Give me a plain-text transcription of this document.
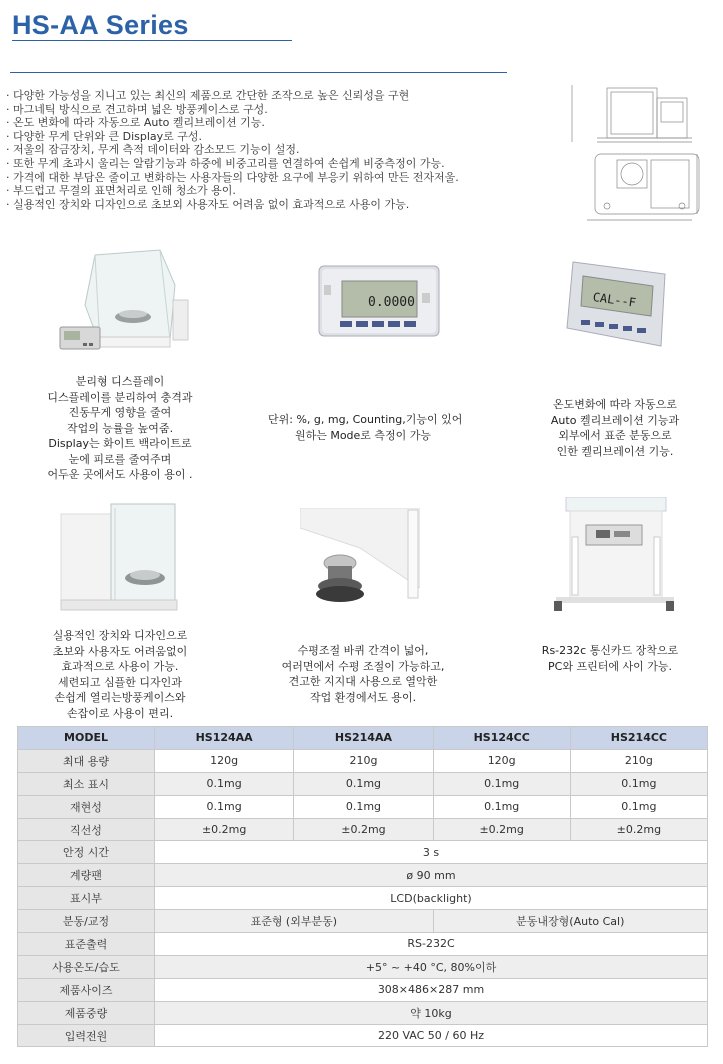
HS-AA Series
· 다양한 가능성을 지니고 있는 최신의 제품으로 간단한 조작으로 높은 신뢰성을 구현
· 마그네틱 방식으로 견고하며 넓은 방풍케이스로 구성.
· 온도 변화에 따라 자동으로 Auto 켈리브레이션 기능.
· 다양한 무게 단위와 큰 Display로 구성.
· 저울의 잠금장치, 무게 측적 데이터와 감소모드 기능이 설정.
· 또한 무게 초과시 울리는 알람기능과 하중에 비중고리를 연결하여 손쉽게 비중측정이 가능.
· 가격에 대한 부담은 줄이고 변화하는 사용자들의 다양한 요구에 부응키 위하여 만든 전자저울.
· 부드럽고 무결의 표면처리로 인해 청소가 용이.
· 실용적인 장치와 디자인으로 초보외 사용자도 어려움 없이 효과적으로 사용이 가능.
0.0000	CAL--F
분리형 디스플레이
디스플레이를 분리하여 충격과
진동무게 영향을 줄여
작업의 능률을 높여줌.
Display는 화이트 백라이트로
눈에 피로를 줄여주며
어두운 곳에서도 사용이 용이 .
단위: %, g, mg, Counting,기능이 있어
원하는 Mode로 측정이 가능
온도변화에 따라 자동으로
Auto 켈리브레이션 기능과
외부에서 표준 분동으로
인한 켈리브레이션 기능.
실용적인 장치와 디자인으로
초보와 사용자도 어려움없이
효과적으로 사용이 가능.
세련되고 심플한 디자인과
손쉽게 열리는방풍케이스와
손잡이로 사용이 편리.
수평조절 바퀴 간격이 넓어,
여러면에서 수평 조절이 가능하고,
견고한 지지대 사용으로 열악한
작업 환경에서도 용이.
Rs-232c 통신카드 장착으로
PC와 프린터에 사이 가능.
MODEL	HS124AA	HS214AA	HS124CC	HS214CC
최대 용량	120g	210g	120g	210g
최소 표시	0.1mg	0.1mg	0.1mg	0.1mg
재현성	0.1mg	0.1mg	0.1mg	0.1mg
직선성	±0.2mg	±0.2mg	±0.2mg	±0.2mg
안정 시간	3 s			
계량팬	ø 90 mm			
표시부	LCD(backlight)			
분동/교정	표준형 (외부분동)		분동내장형(Auto Cal)	
표준출력	RS-232C			
사용온도/습도	+5° ~ +40 °C, 80%이하			
제품사이즈	308×486×287 mm			
제품중량	약 10kg			
입력전원	220 VAC 50 / 60 Hz			
